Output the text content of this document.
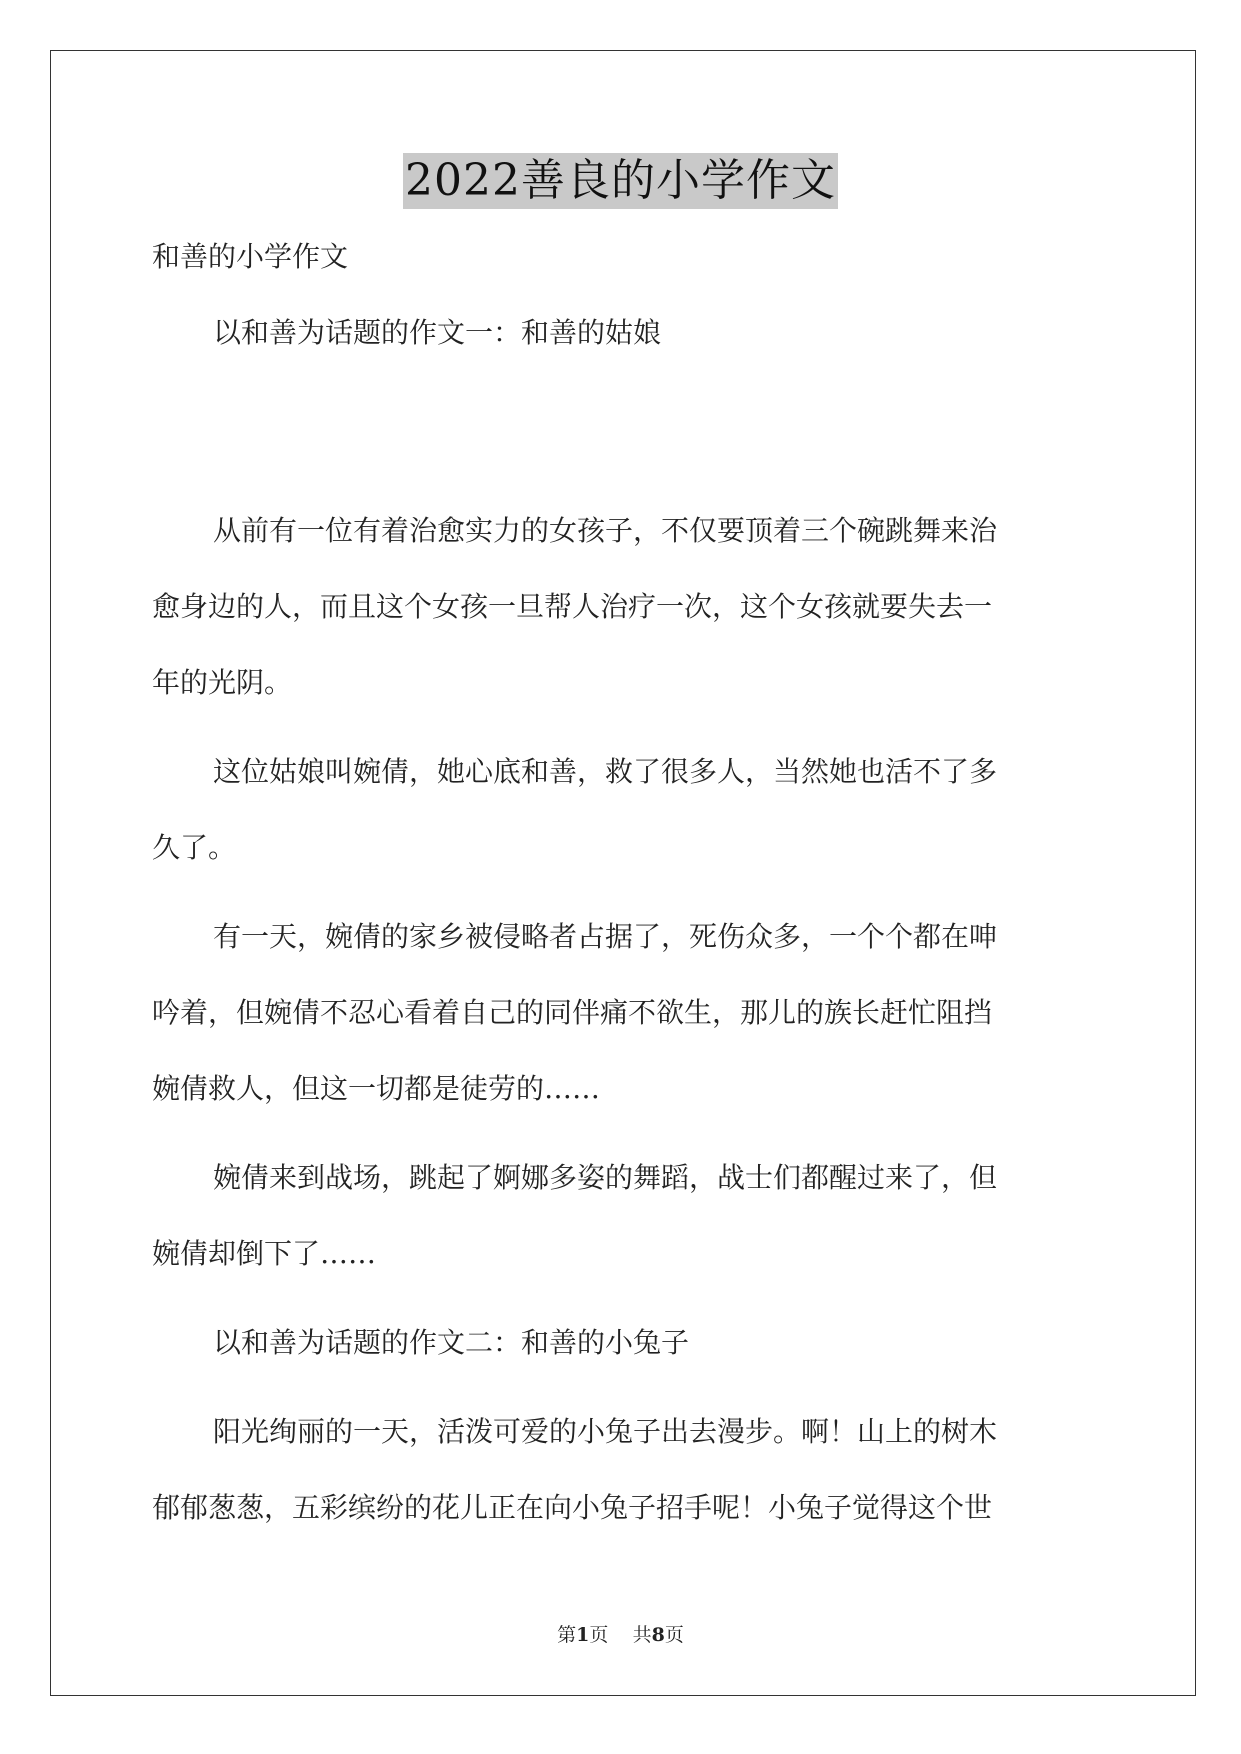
2022善良的小学作文
和善的小学作文
以和善为话题的作文一：和善的姑娘
从前有一位有着治愈实力的女孩子，不仅要顶着三个碗跳舞来治
愈身边的人，而且这个女孩一旦帮人治疗一次，这个女孩就要失去一
年的光阴。
这位姑娘叫婉倩，她心底和善，救了很多人，当然她也活不了多
久了。
有一天，婉倩的家乡被侵略者占据了，死伤众多，一个个都在呻
吟着，但婉倩不忍心看着自己的同伴痛不欲生，那儿的族长赶忙阻挡
婉倩救人，但这一切都是徒劳的……
婉倩来到战场，跳起了婀娜多姿的舞蹈，战士们都醒过来了，但
婉倩却倒下了……
以和善为话题的作文二：和善的小兔子
阳光绚丽的一天，活泼可爱的小兔子出去漫步。啊！山上的树木
郁郁葱葱，五彩缤纷的花儿正在向小兔子招手呢！小兔子觉得这个世
第1页 共8页
